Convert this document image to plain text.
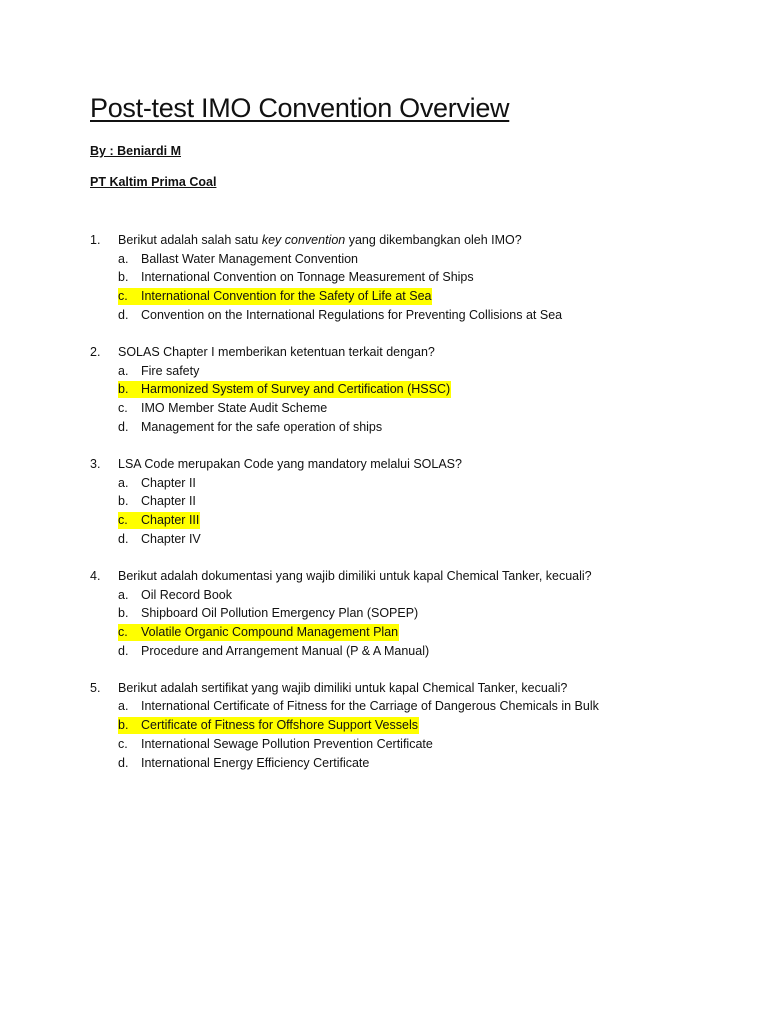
Post-test IMO Convention Overview
By : Beniardi M
PT Kaltim Prima Coal
1. Berikut adalah salah satu key convention yang dikembangkan oleh IMO?
a. Ballast Water Management Convention
b. International Convention on Tonnage Measurement of Ships
c. International Convention for the Safety of Life at Sea
d. Convention on the International Regulations for Preventing Collisions at Sea
2. SOLAS Chapter I memberikan ketentuan terkait dengan?
a. Fire safety
b. Harmonized System of Survey and Certification (HSSC)
c. IMO Member State Audit Scheme
d. Management for the safe operation of ships
3. LSA Code merupakan Code yang mandatory melalui SOLAS?
a. Chapter II
b. Chapter II
c. Chapter III
d. Chapter IV
4. Berikut adalah dokumentasi yang wajib dimiliki untuk kapal Chemical Tanker, kecuali?
a. Oil Record Book
b. Shipboard Oil Pollution Emergency Plan (SOPEP)
c. Volatile Organic Compound Management Plan
d. Procedure and Arrangement Manual (P & A Manual)
5. Berikut adalah sertifikat yang wajib dimiliki untuk kapal Chemical Tanker, kecuali?
a. International Certificate of Fitness for the Carriage of Dangerous Chemicals in Bulk
b. Certificate of Fitness for Offshore Support Vessels
c. International Sewage Pollution Prevention Certificate
d. International Energy Efficiency Certificate
